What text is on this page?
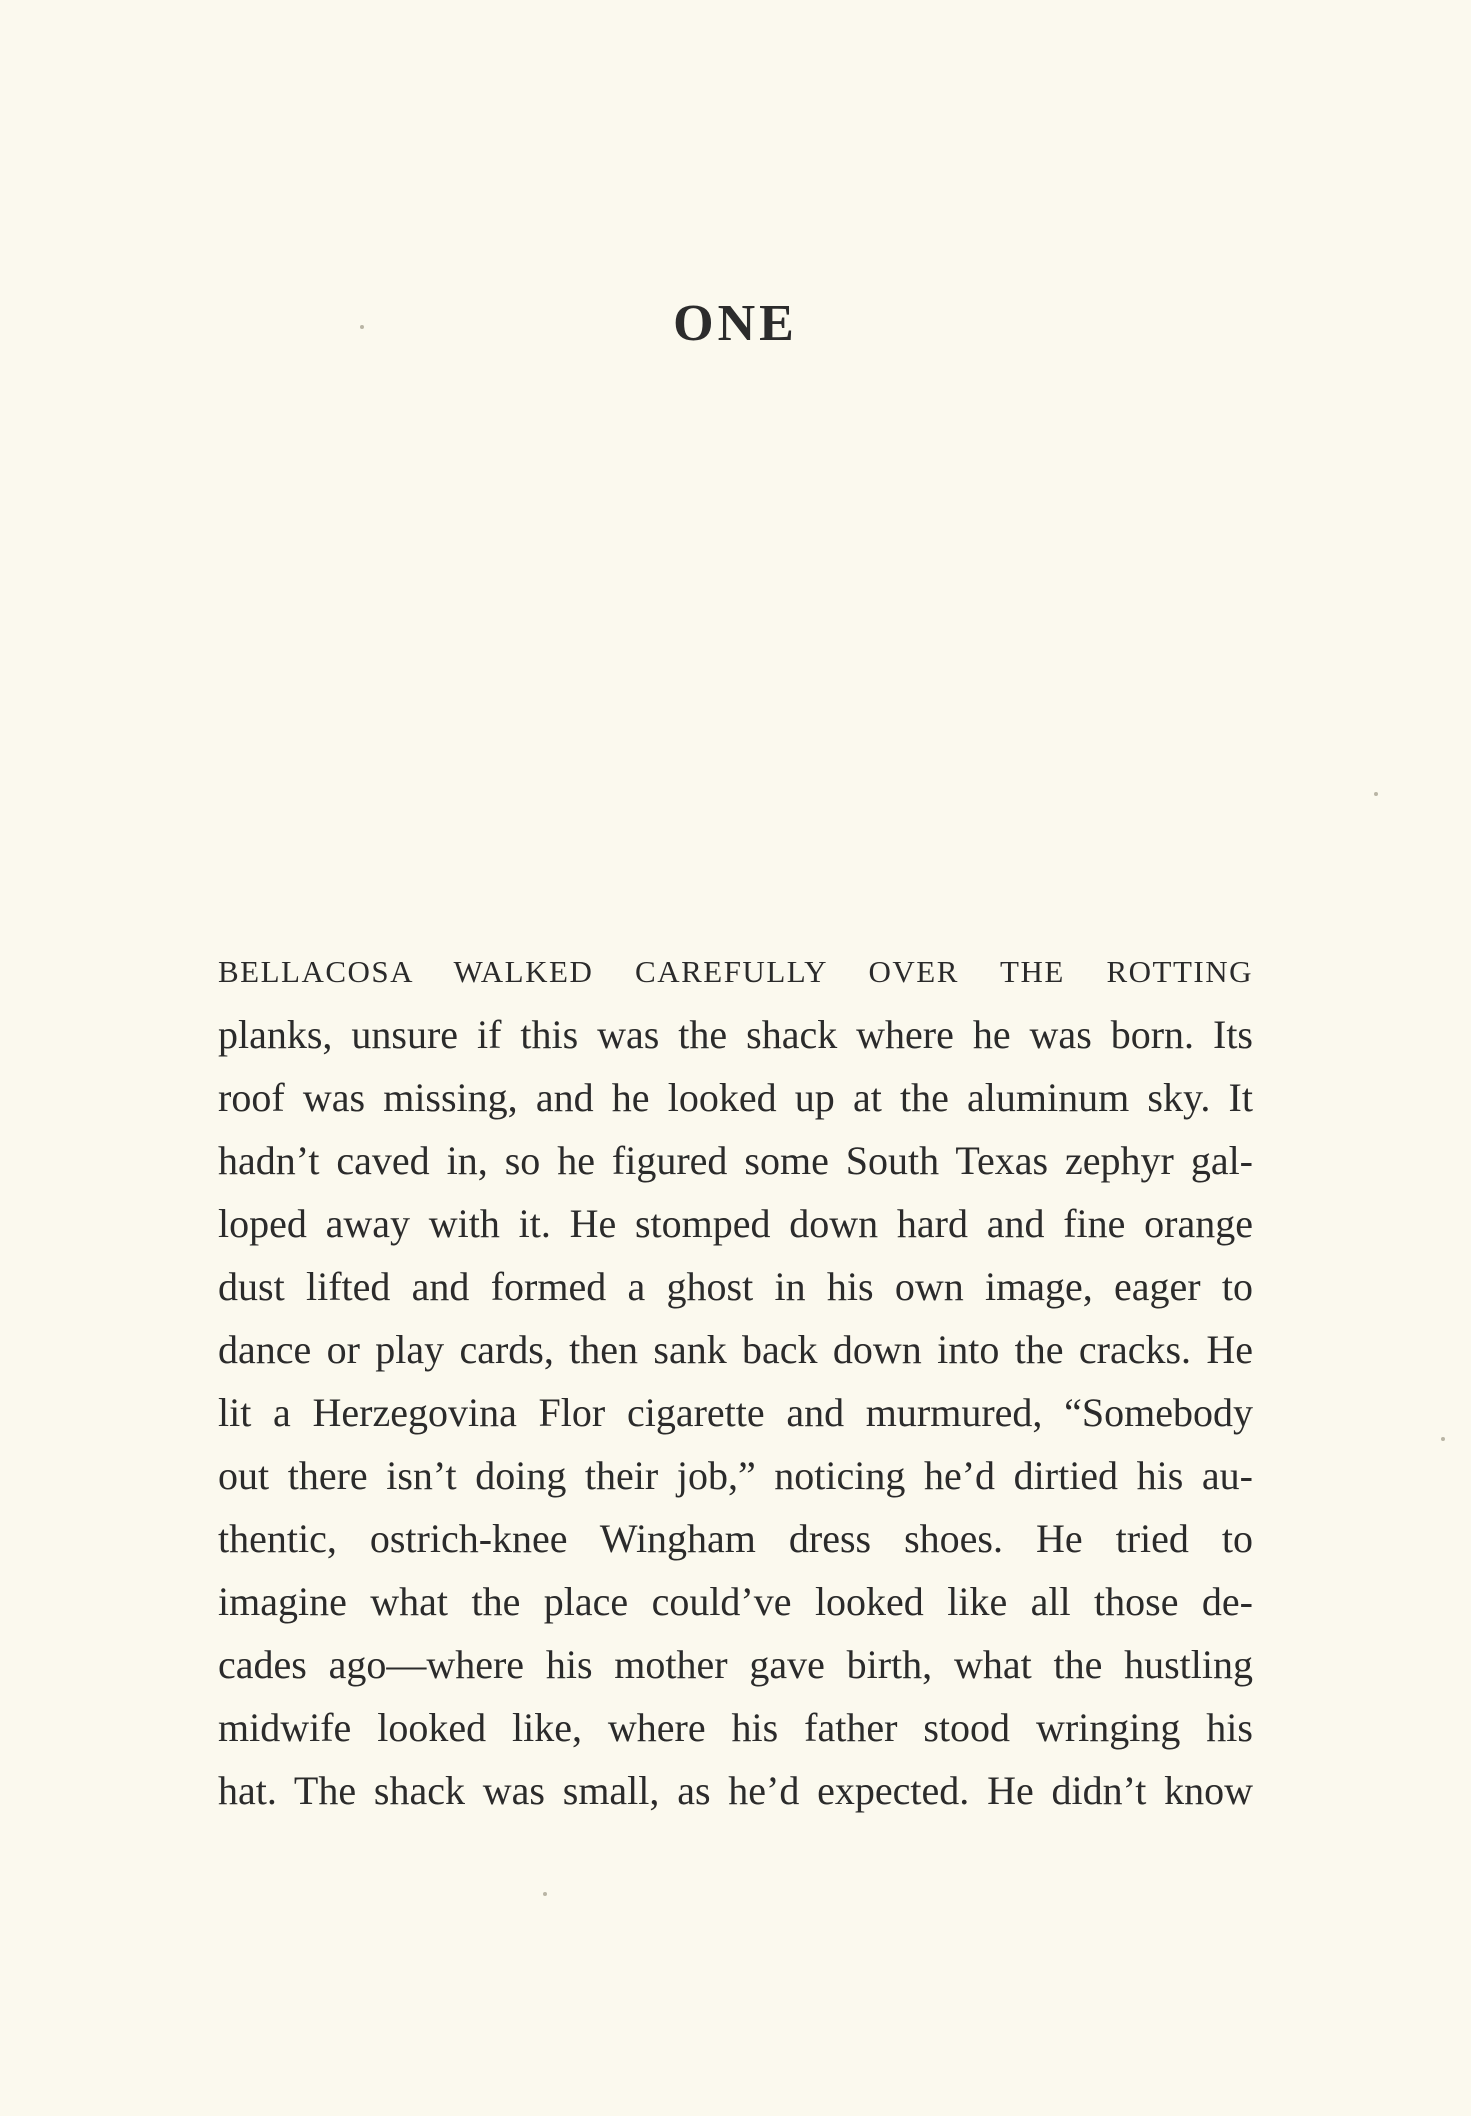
ONE
BELLACOSA WALKED CAREFULLY OVER THE ROTTING
planks, unsure if this was the shack where he was born. Its
roof was missing, and he looked up at the aluminum sky. It
hadn’t caved in, so he figured some South Texas zephyr gal-
loped away with it. He stomped down hard and fine orange
dust lifted and formed a ghost in his own image, eager to
dance or play cards, then sank back down into the cracks. He
lit a Herzegovina Flor cigarette and murmured, “Somebody
out there isn’t doing their job,” noticing he’d dirtied his au-
thentic, ostrich-knee Wingham dress shoes. He tried to
imagine what the place could’ve looked like all those de-
cades ago—where his mother gave birth, what the hustling
midwife looked like, where his father stood wringing his
hat. The shack was small, as he’d expected. He didn’t know
